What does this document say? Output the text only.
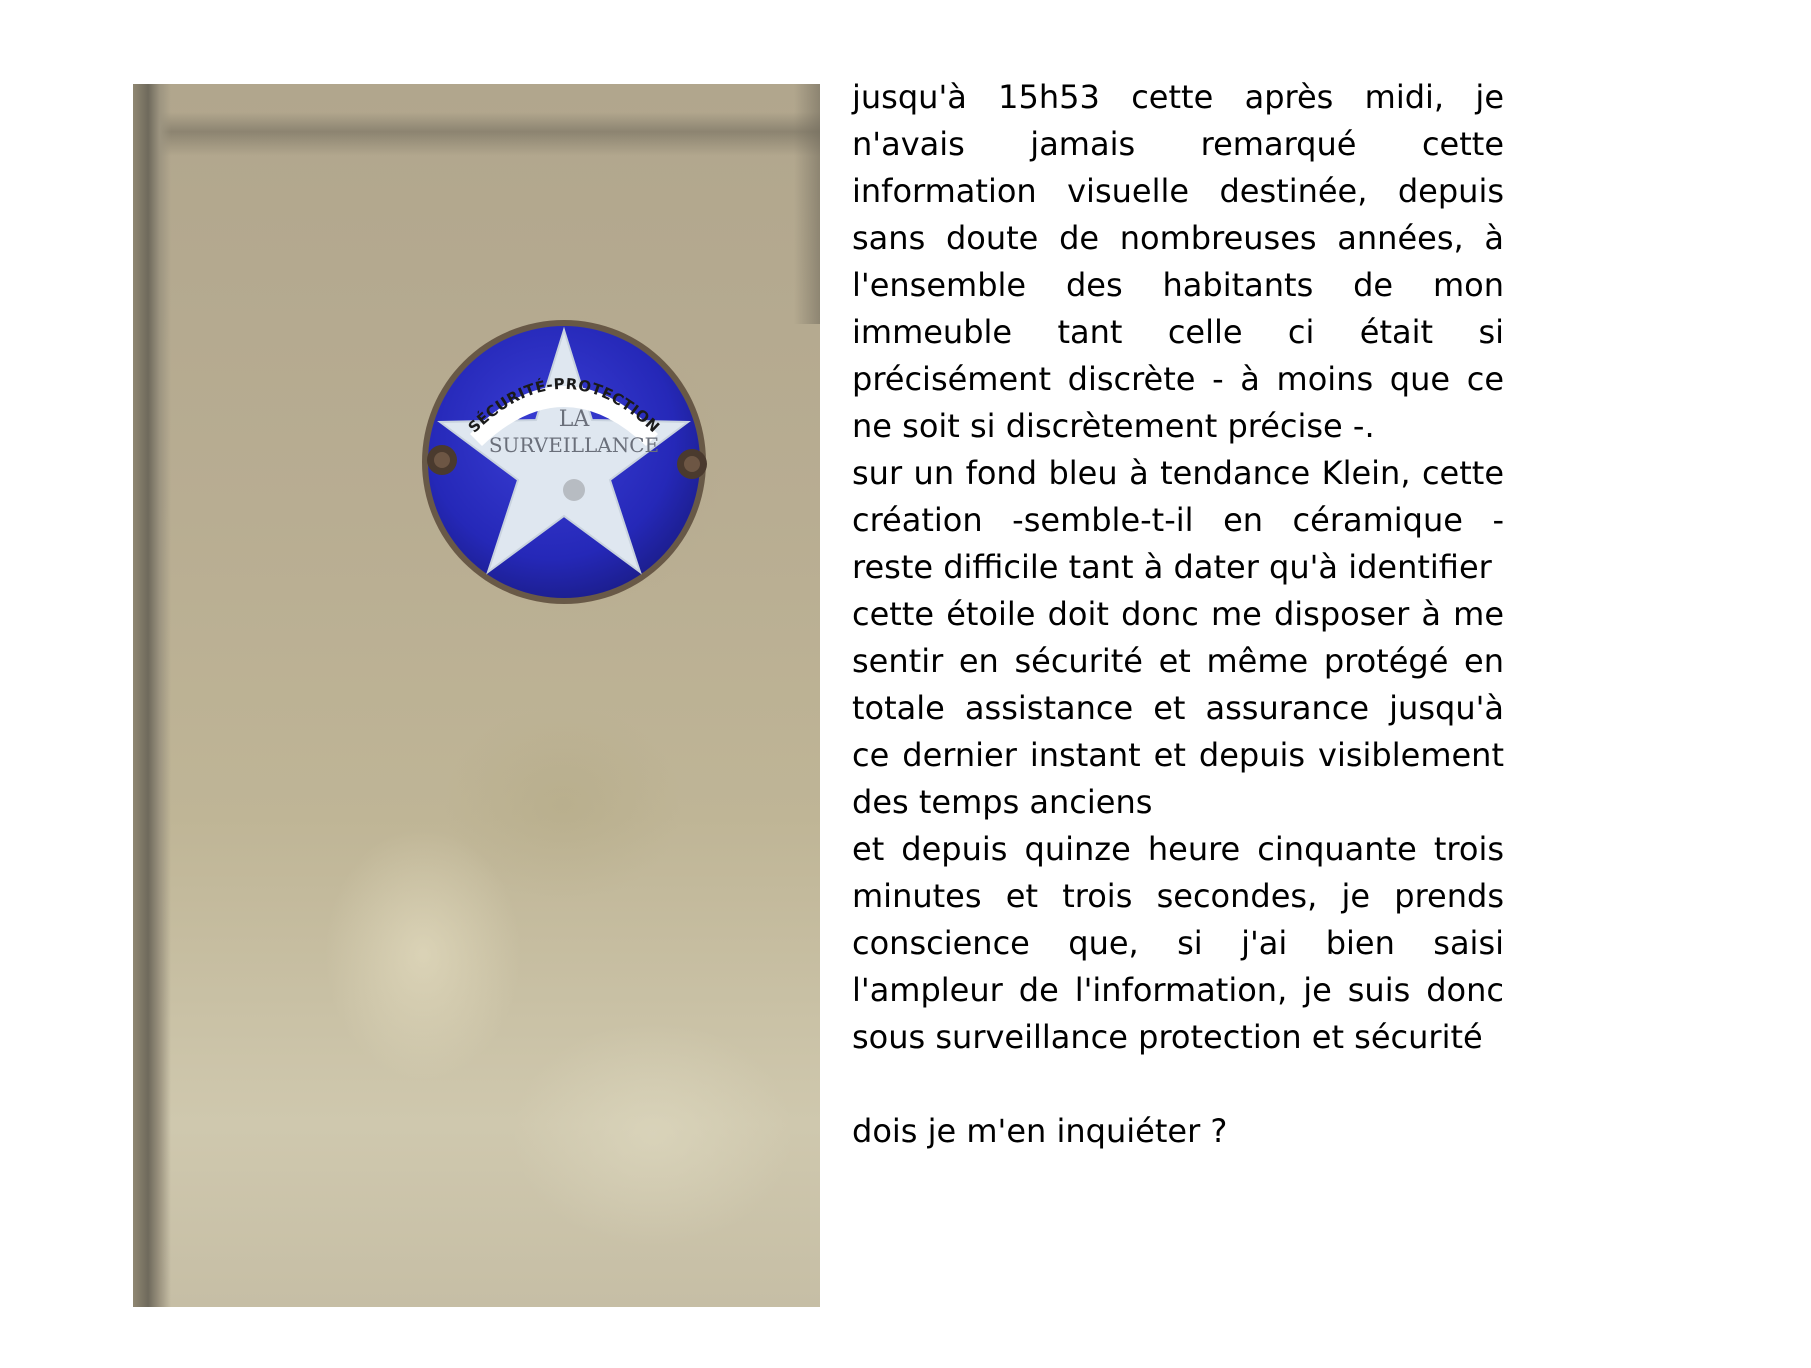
SÉCURITÉ-PROTECTION
LA
SURVEILLANCE

jusqu'à 15h53 cette après midi, je n'avais jamais remarqué cette information visuelle destinée, depuis sans doute de nombreuses années, à l'ensemble des habitants de mon immeuble tant celle ci était si précisément discrète - à moins que ce ne soit si discrètement précise -.

sur un fond bleu à tendance Klein, cette création -semble-t-il en céramique - reste difficile tant à dater qu'à identifier

cette étoile doit donc me disposer à me sentir en sécurité et même protégé en totale assistance et assurance jusqu'à ce dernier instant et depuis visiblement des temps anciens

et depuis quinze heure cinquante trois minutes et trois secondes, je prends conscience que, si j'ai bien saisi l'ampleur de l'information, je suis donc sous surveillance protection et sécurité

dois je m'en inquiéter ?
